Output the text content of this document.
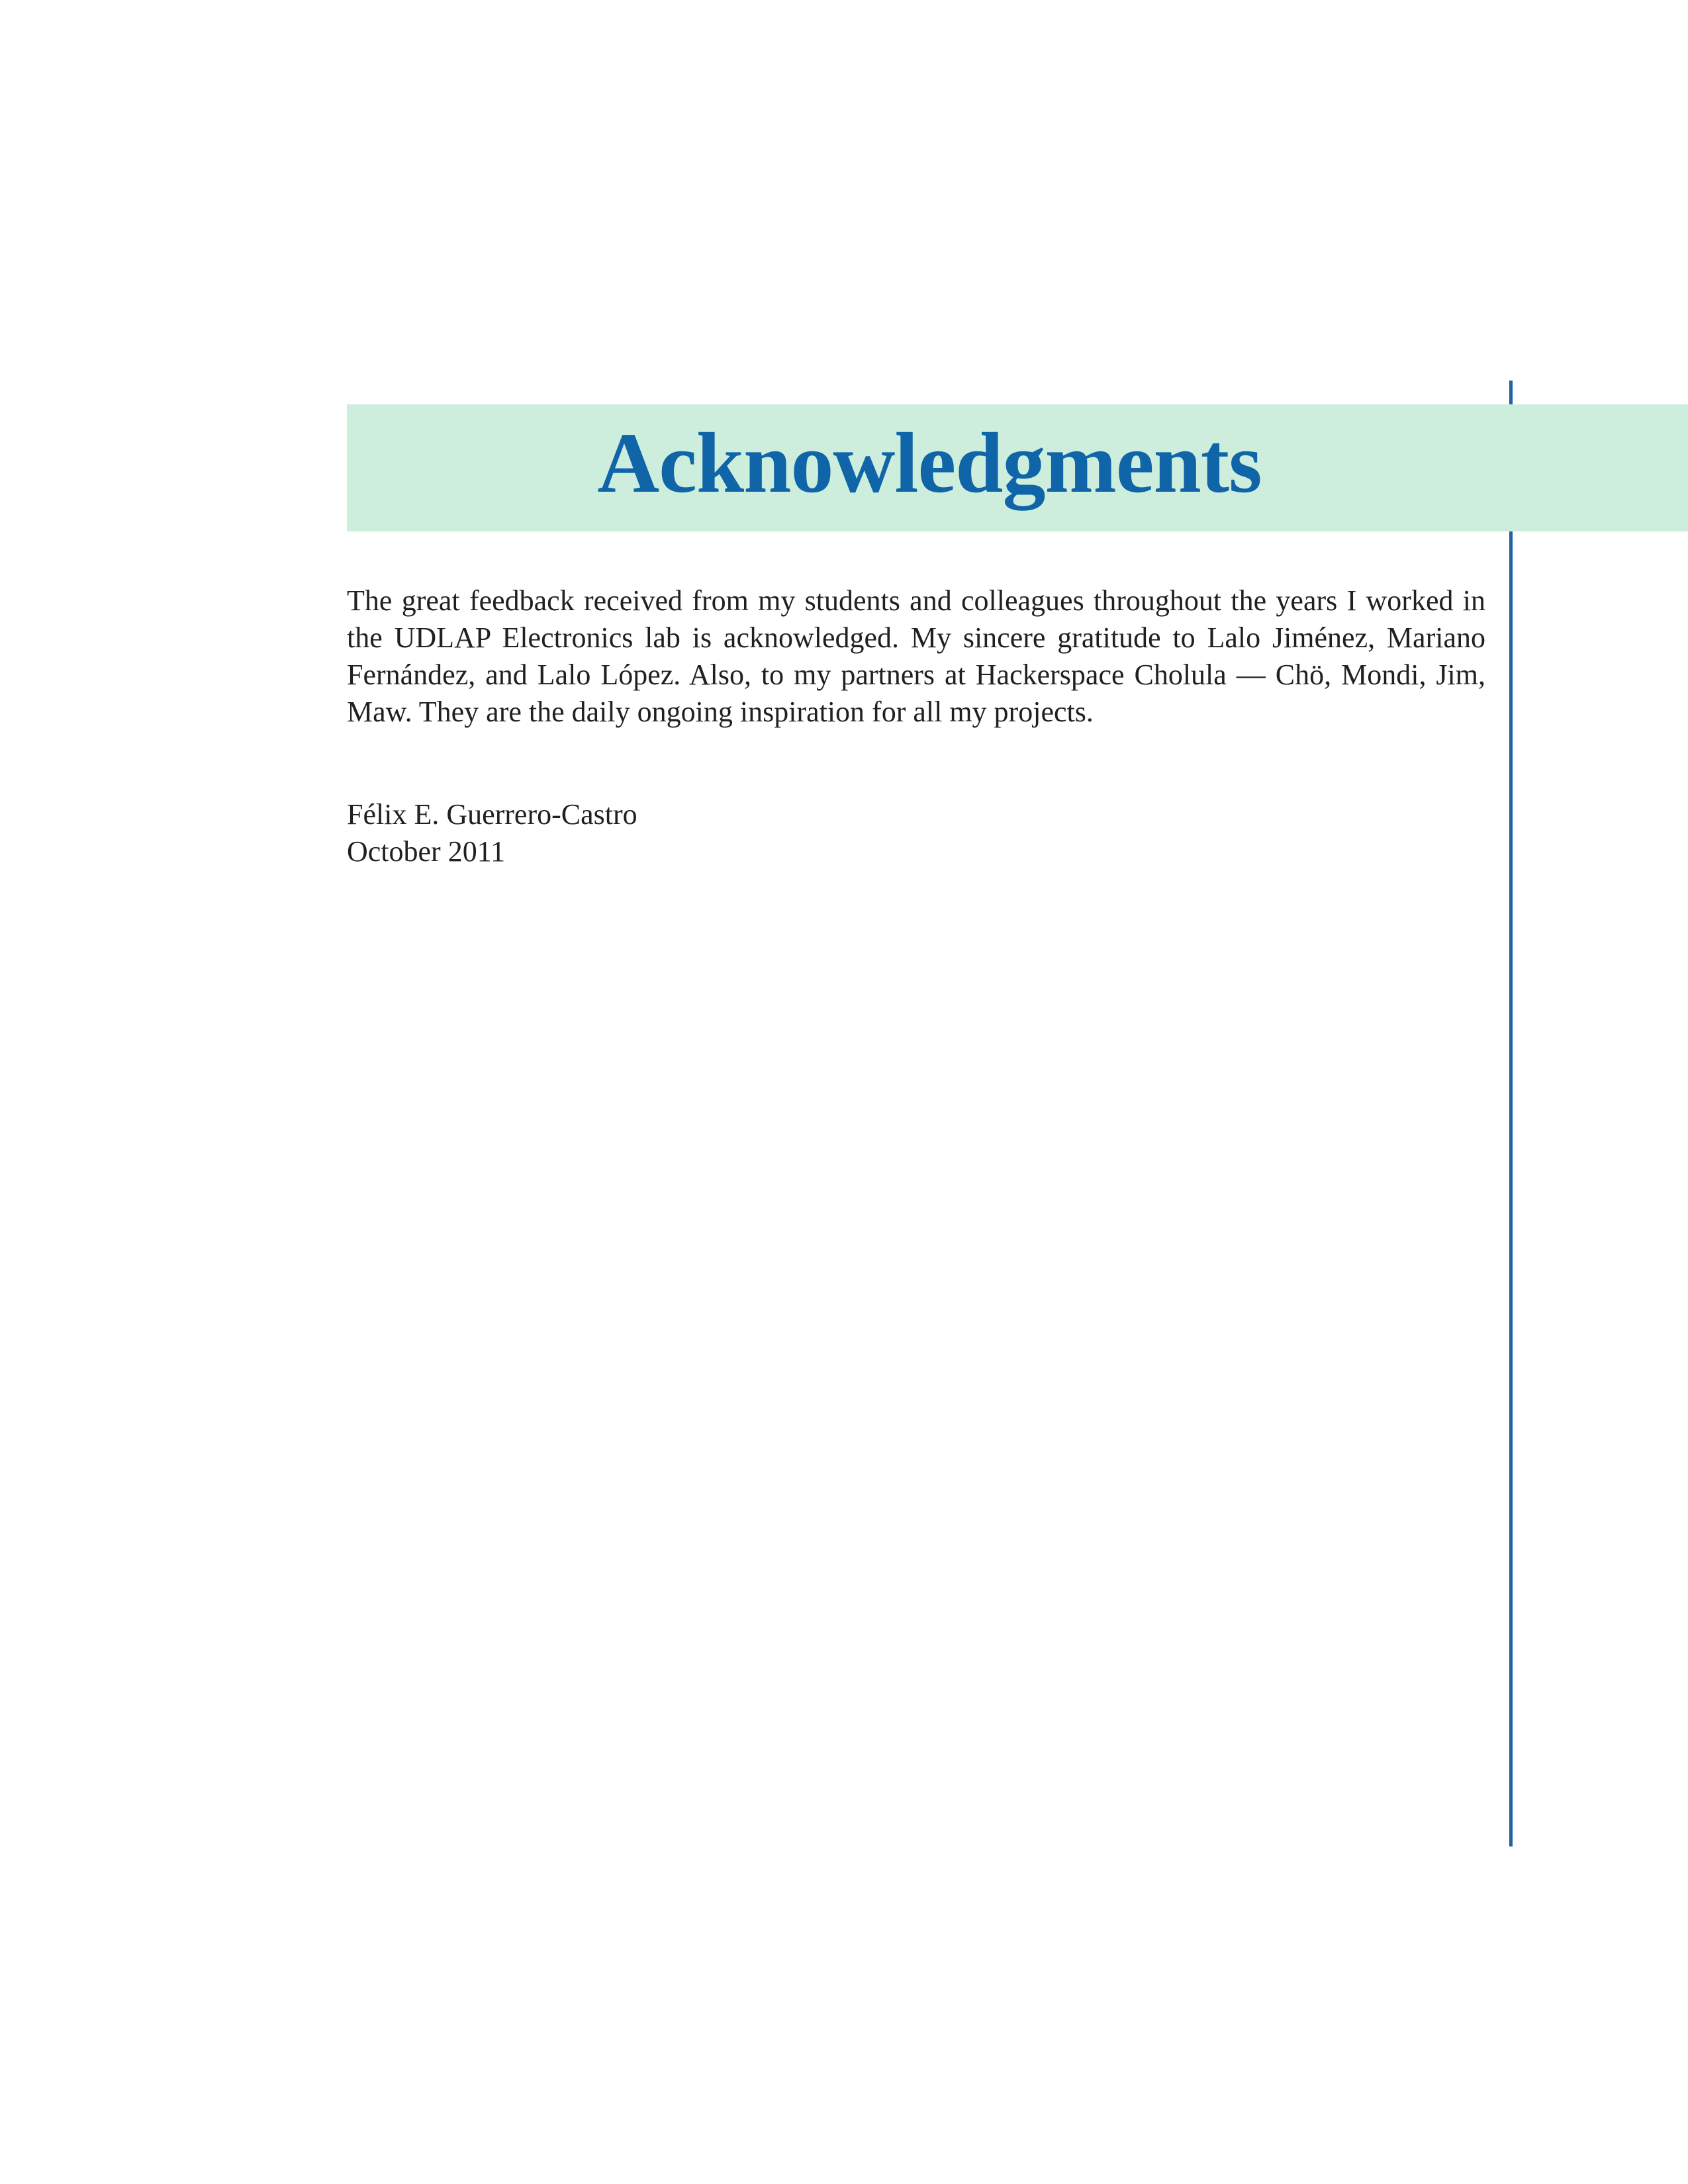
Acknowledgments

The great feedback received from my students and colleagues throughout the years I worked in the UDLAP Electronics lab is acknowledged. My sincere gratitude to Lalo Jiménez, Mariano Fernández, and Lalo López. Also, to my partners at Hackerspace Cholula — Chö, Mondi, Jim, Maw. They are the daily ongoing inspiration for all my projects.

Félix E. Guerrero-Castro
October 2011
